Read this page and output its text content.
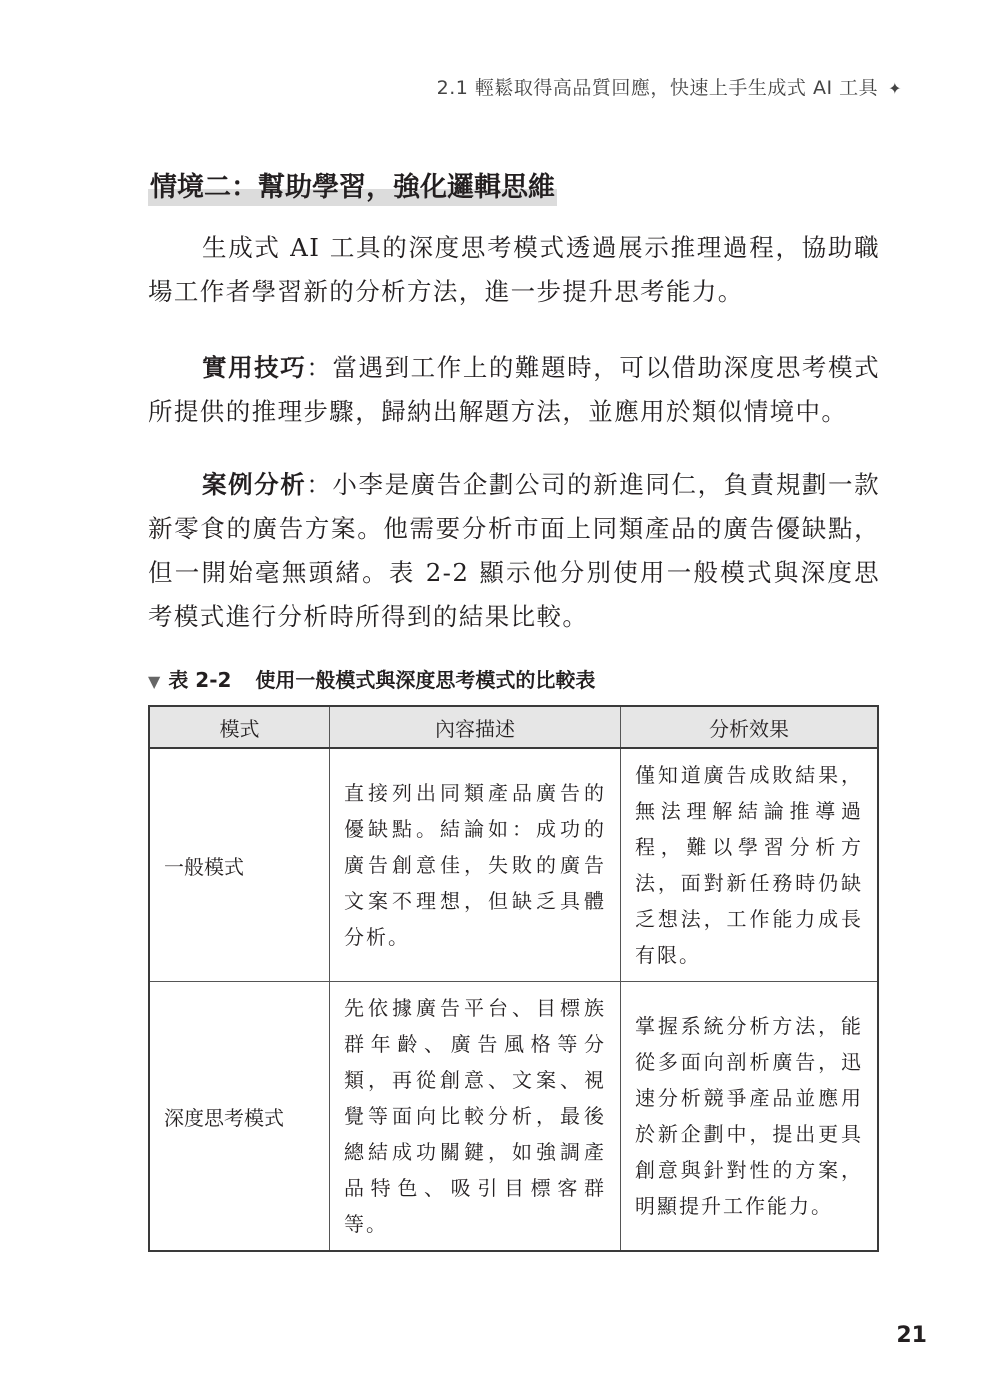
2.1 輕鬆取得高品質回應，快速上手生成式 AI 工具 ✦
情境二：幫助學習，強化邏輯思維

生成式 AI 工具的深度思考模式透過展示推理過程，協助職場工作者學習新的分析方法，進一步提升思考能力。

實用技巧：當遇到工作上的難題時，可以借助深度思考模式所提供的推理步驟，歸納出解題方法，並應用於類似情境中。

案例分析：小李是廣告企劃公司的新進同仁，負責規劃一款新零食的廣告方案。他需要分析市面上同類產品的廣告優缺點，但一開始毫無頭緒。表 2-2 顯示他分別使用一般模式與深度思考模式進行分析時所得到的結果比較。

▼ 表 2-2 使用一般模式與深度思考模式的比較表
模式	內容描述	分析效果
一般模式	直接列出同類產品廣告的優缺點。結論如：成功的廣告創意佳，失敗的廣告文案不理想，但缺乏具體分析。	僅知道廣告成敗結果，無法理解結論推導過程，難以學習分析方法，面對新任務時仍缺乏想法，工作能力成長有限。
深度思考模式	先依據廣告平台、目標族群年齡、廣告風格等分類，再從創意、文案、視覺等面向比較分析，最後總結成功關鍵，如強調產品特色、吸引目標客群等。	掌握系統分析方法，能從多面向剖析廣告，迅速分析競爭產品並應用於新企劃中，提出更具創意與針對性的方案，明顯提升工作能力。
21
